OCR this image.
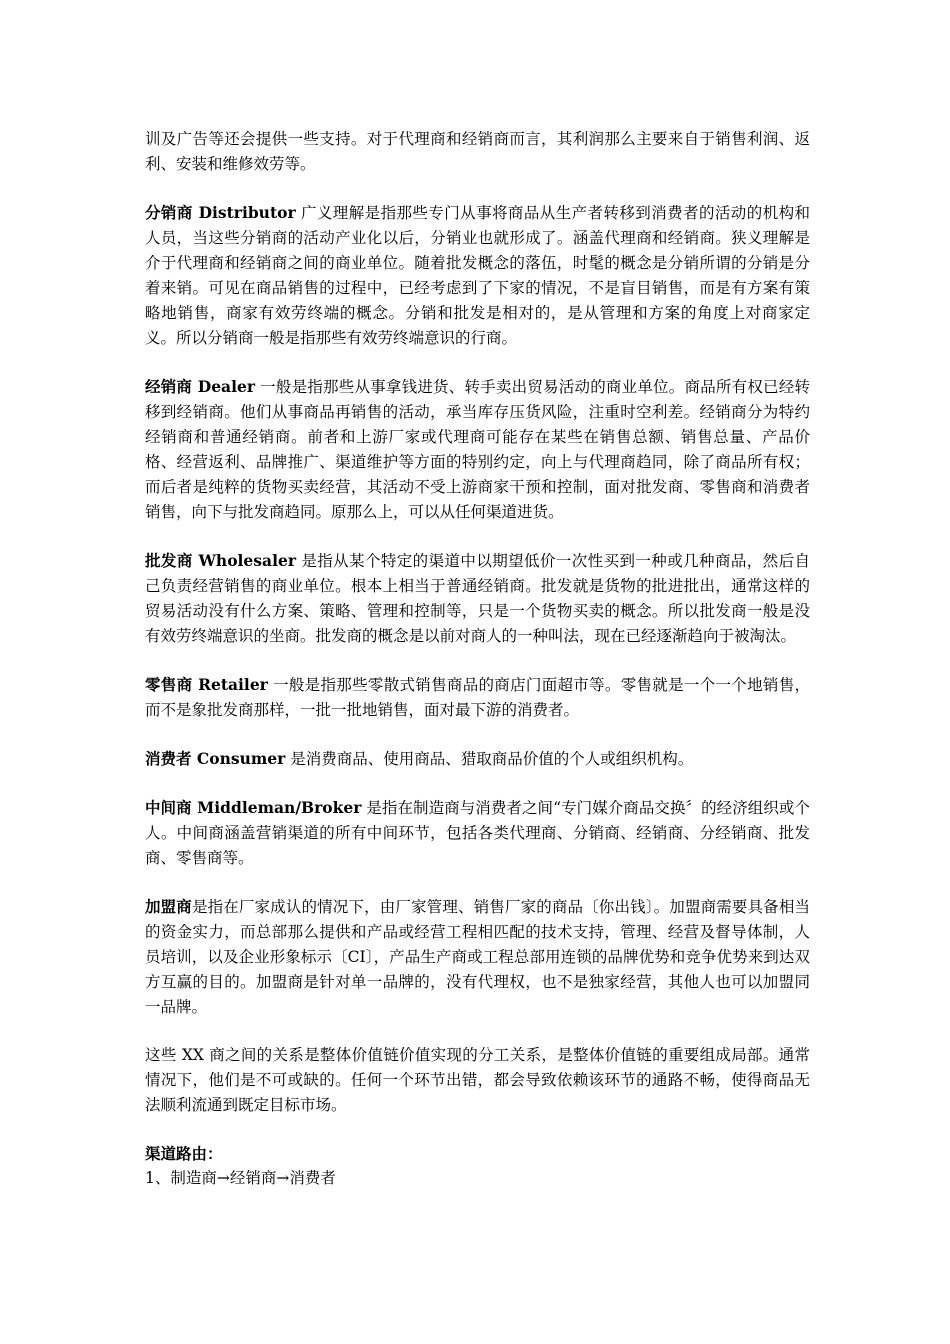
训及广告等还会提供一些支持。对于代理商和经销商而言，其利润那么主要来自于销售利润、返利、安装和维修效劳等。

分销商 Distributor 广义理解是指那些专门从事将商品从生产者转移到消费者的活动的机构和人员，当这些分销商的活动产业化以后，分销业也就形成了。涵盖代理商和经销商。狭义理解是介于代理商和经销商之间的商业单位。随着批发概念的落伍，时髦的概念是分销所谓的分销是分着来销。可见在商品销售的过程中，已经考虑到了下家的情况，不是盲目销售，而是有方案有策略地销售，商家有效劳终端的概念。分销和批发是相对的，是从管理和方案的角度上对商家定义。所以分销商一般是指那些有效劳终端意识的行商。

经销商 Dealer 一般是指那些从事拿钱进货、转手卖出贸易活动的商业单位。商品所有权已经转移到经销商。他们从事商品再销售的活动，承当库存压货风险，注重时空利差。经销商分为特约经销商和普通经销商。前者和上游厂家或代理商可能存在某些在销售总额、销售总量、产品价格、经营返利、品牌推广、渠道维护等方面的特别约定，向上与代理商趋同，除了商品所有权；而后者是纯粹的货物买卖经营，其活动不受上游商家干预和控制，面对批发商、零售商和消费者销售，向下与批发商趋同。原那么上，可以从任何渠道进货。

批发商 Wholesaler 是指从某个特定的渠道中以期望低价一次性买到一种或几种商品，然后自己负责经营销售的商业单位。根本上相当于普通经销商。批发就是货物的批进批出，通常这样的贸易活动没有什么方案、策略、管理和控制等，只是一个货物买卖的概念。所以批发商一般是没有效劳终端意识的坐商。批发商的概念是以前对商人的一种叫法，现在已经逐渐趋向于被淘汰。

零售商 Retailer 一般是指那些零散式销售商品的商店门面超市等。零售就是一个一个地销售，而不是象批发商那样，一批一批地销售，面对最下游的消费者。

消费者 Consumer 是消费商品、使用商品、猎取商品价值的个人或组织机构。

中间商 Middleman/Broker 是指在制造商与消费者之间“专门媒介商品交换〞的经济组织或个人。中间商涵盖营销渠道的所有中间环节，包括各类代理商、分销商、经销商、分经销商、批发商、零售商等。

加盟商是指在厂家成认的情况下，由厂家管理、销售厂家的商品〔你出钱〕。加盟商需要具备相当的资金实力，而总部那么提供和产品或经营工程相匹配的技术支持，管理、经营及督导体制，人员培训，以及企业形象标示〔CI〕，产品生产商或工程总部用连锁的品牌优势和竞争优势来到达双方互赢的目的。加盟商是针对单一品牌的，没有代理权，也不是独家经营，其他人也可以加盟同一品牌。

这些 XX 商之间的关系是整体价值链价值实现的分工关系，是整体价值链的重要组成局部。通常情况下，他们是不可或缺的。任何一个环节出错，都会导致依赖该环节的通路不畅，使得商品无法顺利流通到既定目标市场。

渠道路由：

1、制造商→经销商→消费者
